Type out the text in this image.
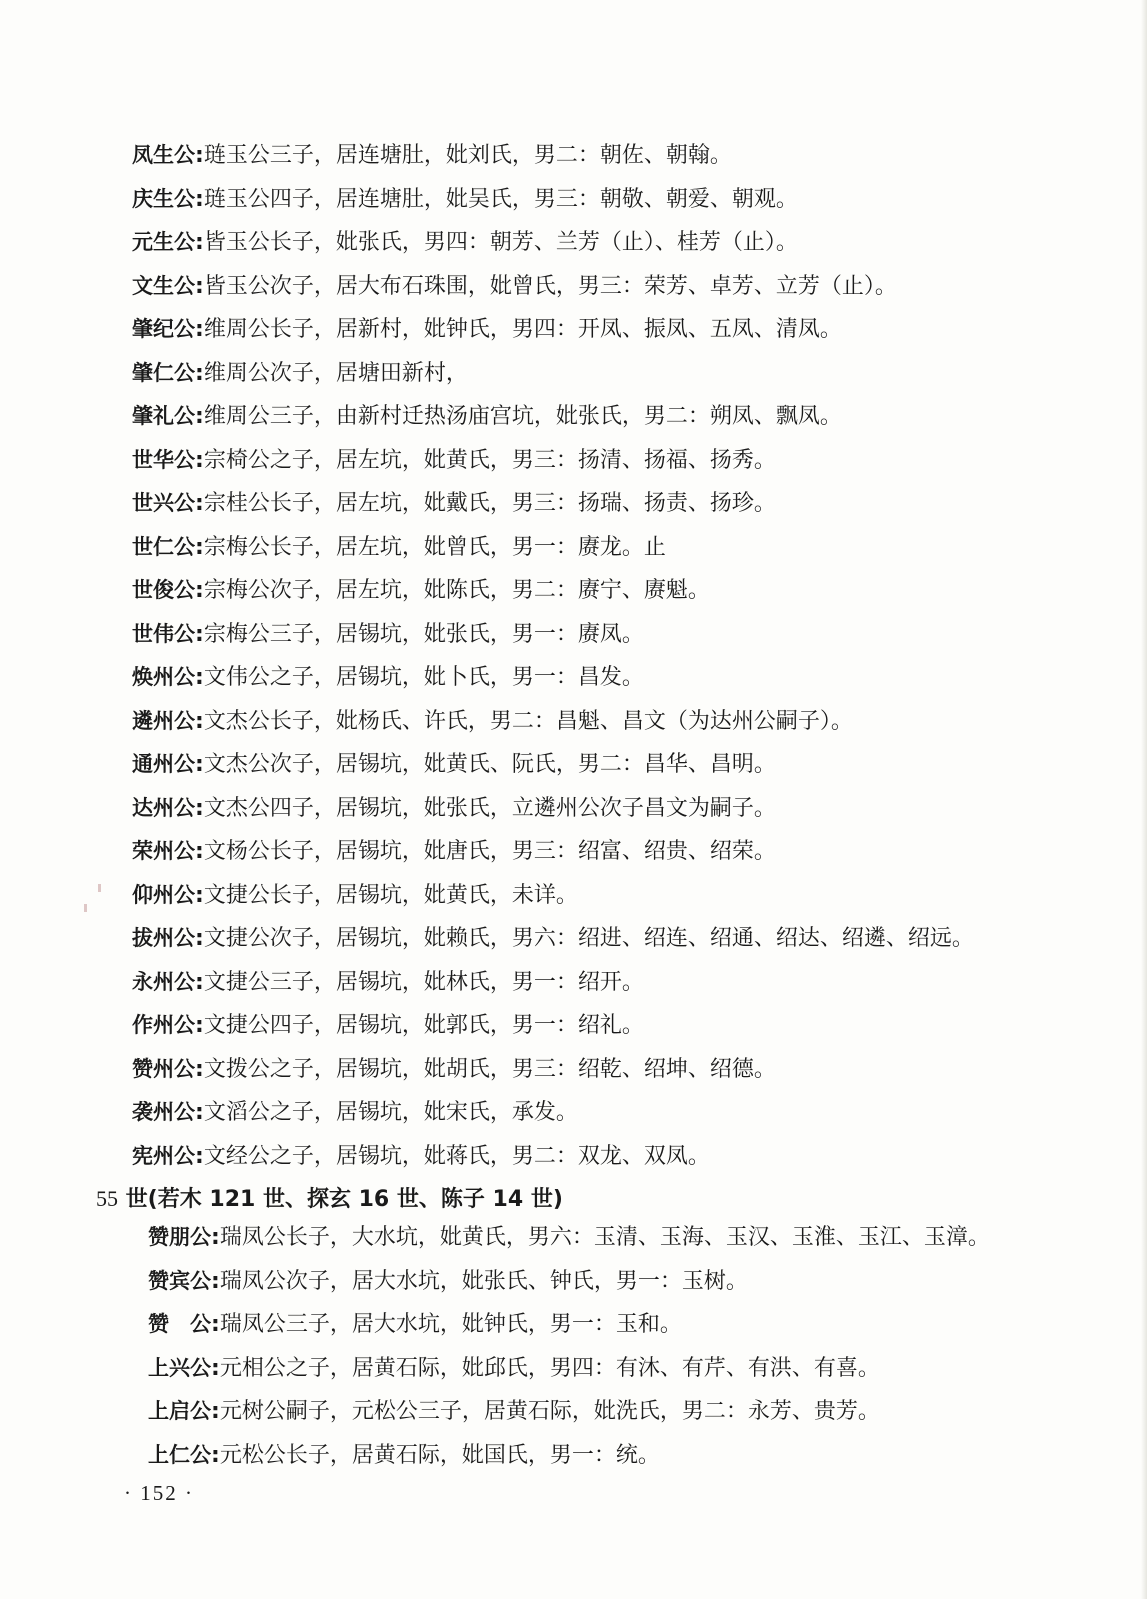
凤生公:琏玉公三子，居连塘肚，妣刘氏，男二：朝佐、朝翰。
庆生公:琏玉公四子，居连塘肚，妣吴氏，男三：朝敬、朝爱、朝观。
元生公:皆玉公长子，妣张氏，男四：朝芳、兰芳（止）、桂芳（止）。
文生公:皆玉公次子，居大布石珠围，妣曾氏，男三：荣芳、卓芳、立芳（止）。
肇纪公:维周公长子，居新村，妣钟氏，男四：开凤、振凤、五凤、清凤。
肇仁公:维周公次子，居塘田新村，
肇礼公:维周公三子，由新村迁热汤庙宫坑，妣张氏，男二：朔凤、飘凤。
世华公:宗椅公之子，居左坑，妣黄氏，男三：扬清、扬福、扬秀。
世兴公:宗桂公长子，居左坑，妣戴氏，男三：扬瑞、扬责、扬珍。
世仁公:宗梅公长子，居左坑，妣曾氏，男一：赓龙。止
世俊公:宗梅公次子，居左坑，妣陈氏，男二：赓宁、赓魁。
世伟公:宗梅公三子，居锡坑，妣张氏，男一：赓凤。
焕州公:文伟公之子，居锡坑，妣卜氏，男一：昌发。
遴州公:文杰公长子，妣杨氏、许氏，男二：昌魁、昌文（为达州公嗣子）。
通州公:文杰公次子，居锡坑，妣黄氏、阮氏，男二：昌华、昌明。
达州公:文杰公四子，居锡坑，妣张氏，立遴州公次子昌文为嗣子。
荣州公:文杨公长子，居锡坑，妣唐氏，男三：绍富、绍贵、绍荣。
仰州公:文捷公长子，居锡坑，妣黄氏，未详。
拔州公:文捷公次子，居锡坑，妣赖氏，男六：绍进、绍连、绍通、绍达、绍遴、绍远。
永州公:文捷公三子，居锡坑，妣林氏，男一：绍开。
作州公:文捷公四子，居锡坑，妣郭氏，男一：绍礼。
赞州公:文拨公之子，居锡坑，妣胡氏，男三：绍乾、绍坤、绍德。
袭州公:文滔公之子，居锡坑，妣宋氏，承发。
宪州公:文经公之子，居锡坑，妣蒋氏，男二：双龙、双凤。
55 世(若木 121 世、探玄 16 世、陈子 14 世)
赞朋公:瑞凤公长子，大水坑，妣黄氏，男六：玉清、玉海、玉汉、玉淮、玉江、玉漳。
赞宾公:瑞凤公次子，居大水坑，妣张氏、钟氏，男一：玉树。
赞　公:瑞凤公三子，居大水坑，妣钟氏，男一：玉和。
上兴公:元相公之子，居黄石际，妣邱氏，男四：有沐、有芹、有洪、有喜。
上启公:元树公嗣子，元松公三子，居黄石际，妣洗氏，男二：永芳、贵芳。
上仁公:元松公长子，居黄石际，妣国氏，男一：统。
· 152 ·
